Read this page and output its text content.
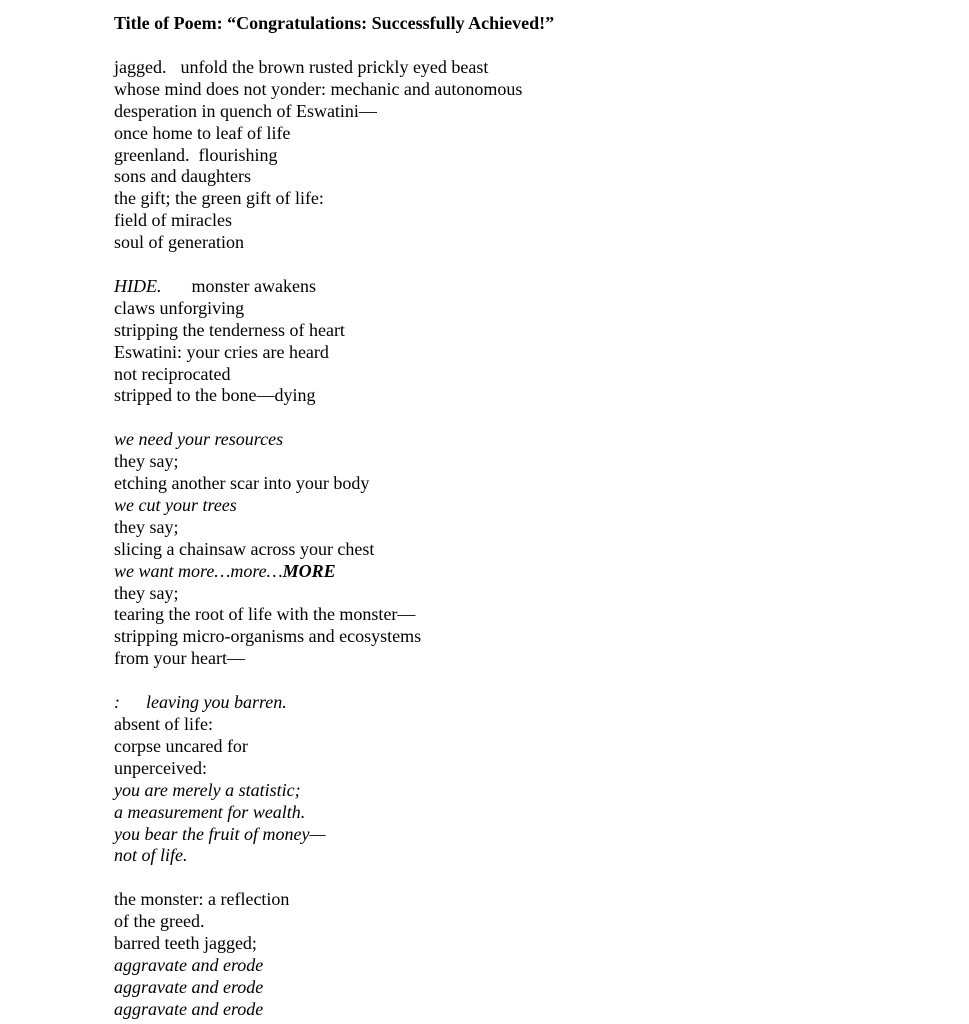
Title of Poem: “Congratulations: Successfully Achieved!”
jagged. unfold the brown rusted prickly eyed beast
whose mind does not yonder: mechanic and autonomous
desperation in quench of Eswatini—
once home to leaf of life
greenland. flourishing
sons and daughters
the gift; the green gift of life:
field of miracles
soul of generation
HIDE. monster awakens
claws unforgiving
stripping the tenderness of heart
Eswatini: your cries are heard
not reciprocated
stripped to the bone—dying
we need your resources
they say;
etching another scar into your body
we cut your trees
they say;
slicing a chainsaw across your chest
we want more…more…MORE
they say;
tearing the root of life with the monster—
stripping micro-organisms and ecosystems
from your heart—
: leaving you barren.
absent of life:
corpse uncared for
unperceived:
you are merely a statistic;
a measurement for wealth.
you bear the fruit of money—
not of life.
the monster: a reflection
of the greed.
barred teeth jagged;
aggravate and erode
aggravate and erode
aggravate and erode
